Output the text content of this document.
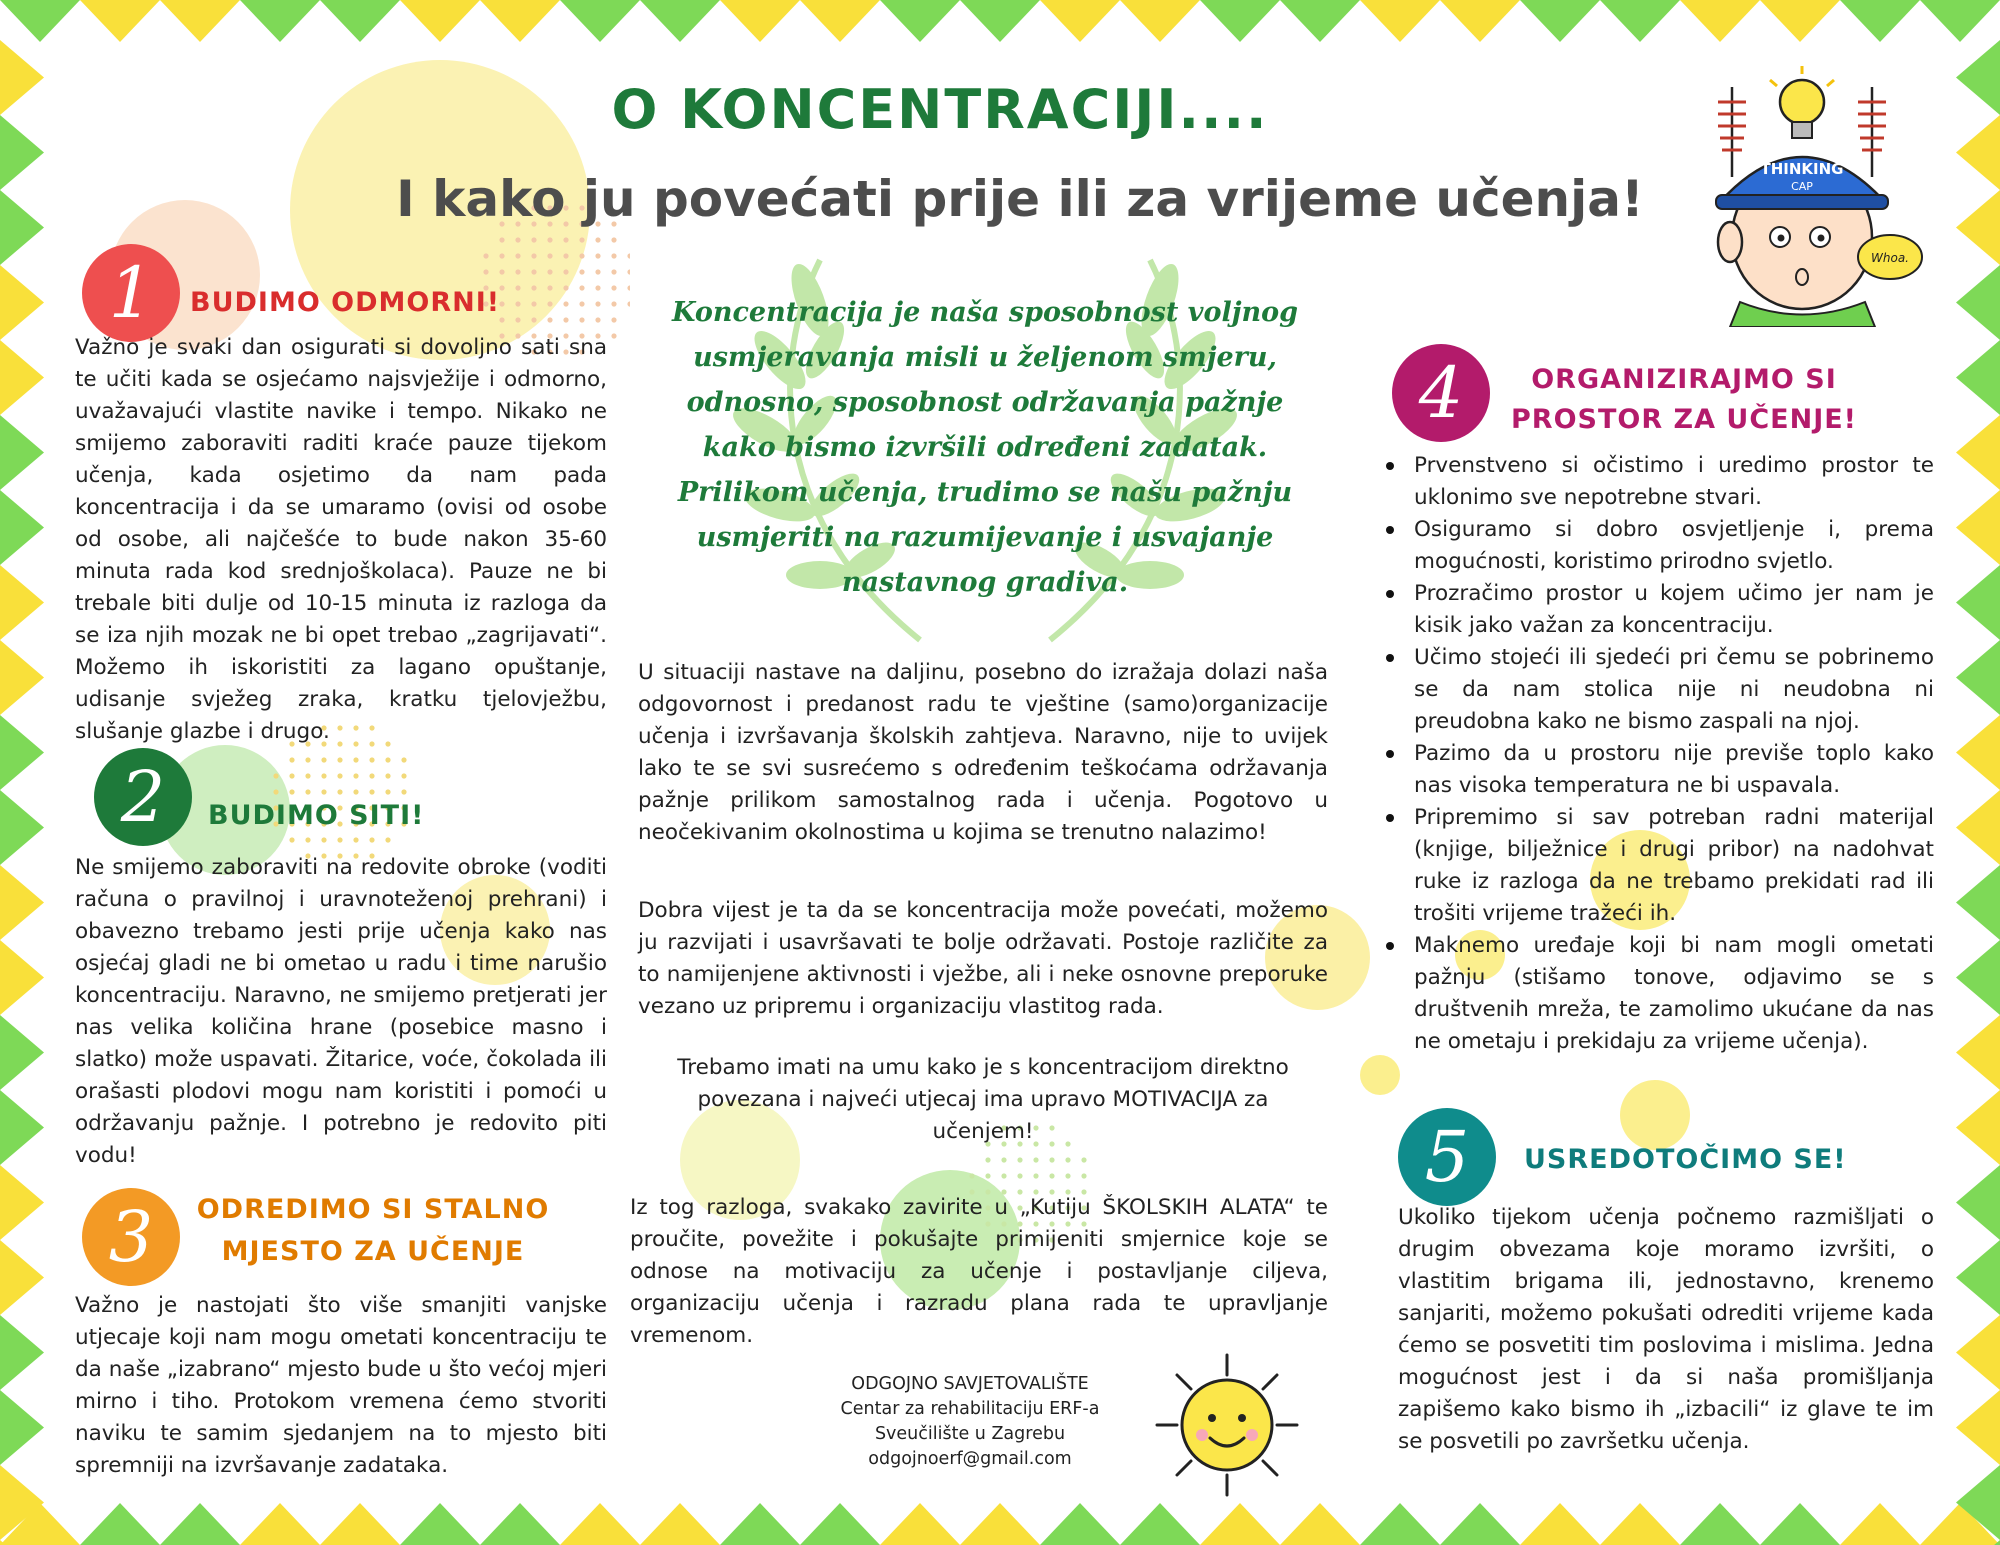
O KONCENTRACIJI....
I kako ju povećati prije ili za vrijeme učenja!
THINKING
CAP
Whoa.
1	BUDIMO ODMORNI!
Važno je svaki dan osigurati si dovoljno sati sna te učiti kada se osjećamo najsvježije i odmorno, uvažavajući vlastite navike i tempo. Nikako ne smijemo zaboraviti raditi kraće pauze tijekom učenja, kada osjetimo da nam pada koncentracija i da se umaramo (ovisi od osobe od osobe, ali najčešće to bude nakon 35-60 minuta rada kod srednjoškolaca). Pauze ne bi trebale biti dulje od 10-15 minuta iz razloga da se iza njih mozak ne bi opet trebao „zagrijavati“. Možemo ih iskoristiti za lagano opuštanje, udisanje svježeg zraka, kratku tjelovježbu, slušanje glazbe i drugo.
2	BUDIMO SITI!
Ne smijemo zaboraviti na redovite obroke (voditi računa o pravilnoj i uravnoteženoj prehrani) i obavezno trebamo jesti prije učenja kako nas osjećaj gladi ne bi ometao u radu i time narušio koncentraciju. Naravno, ne smijemo pretjerati jer nas velika količina hrane (posebice masno i slatko) može uspavati. Žitarice, voće, čokolada ili orašasti plodovi mogu nam koristiti i pomoći u održavanju pažnje. I potrebno je redovito piti vodu!
3	ODREDIMO SI STALNO
MJESTO ZA UČENJE
Važno je nastojati što više smanjiti vanjske utjecaje koji nam mogu ometati koncentraciju te da naše „izabrano“ mjesto bude u što većoj mjeri mirno i tiho. Protokom vremena ćemo stvoriti naviku te samim sjedanjem na to mjesto biti spremniji na izvršavanje zadataka.
Koncentracija je naša sposobnost voljnog usmjeravanja misli u željenom smjeru, odnosno, sposobnost održavanja pažnje kako bismo izvršili određeni zadatak. Prilikom učenja, trudimo se našu pažnju usmjeriti na razumijevanje i usvajanje nastavnog gradiva.
U situaciji nastave na daljinu, posebno do izražaja dolazi naša odgovornost i predanost radu te vještine (samo)organizacije učenja i izvršavanja školskih zahtjeva. Naravno, nije to uvijek lako te se svi susrećemo s određenim teškoćama održavanja pažnje prilikom samostalnog rada i učenja. Pogotovo u neočekivanim okolnostima u kojima se trenutno nalazimo!
Dobra vijest je ta da se koncentracija može povećati, možemo ju razvijati i usavršavati te bolje održavati. Postoje različite za to namijenjene aktivnosti i vježbe, ali i neke osnovne preporuke vezano uz pripremu i organizaciju vlastitog rada.
Trebamo imati na umu kako je s koncentracijom direktno povezana i najveći utjecaj ima upravo MOTIVACIJA za učenjem!
Iz tog razloga, svakako zavirite u „Kutiju ŠKOLSKIH ALATA“ te proučite, povežite i pokušajte primijeniti smjernice koje se odnose na motivaciju za učenje i postavljanje ciljeva, organizaciju učenja i razradu plana rada te upravljanje vremenom.
ODGOJNO SAVJETOVALIŠTE
Centar za rehabilitaciju ERF-a
Sveučilište u Zagrebu
odgojnoerf@gmail.com
4	ORGANIZIRAJMO SI
PROSTOR ZA UČENJE!
Prvenstveno si očistimo i uredimo prostor te uklonimo sve nepotrebne stvari.
Osiguramo si dobro osvjetljenje i, prema mogućnosti, koristimo prirodno svjetlo.
Prozračimo prostor u kojem učimo jer nam je kisik jako važan za koncentraciju.
Učimo stojeći ili sjedeći pri čemu se pobrinemo se da nam stolica nije ni neudobna ni preudobna kako ne bismo zaspali na njoj.
Pazimo da u prostoru nije previše toplo kako nas visoka temperatura ne bi uspavala.
Pripremimo si sav potreban radni materijal (knjige, bilježnice i drugi pribor) na nadohvat ruke iz razloga da ne trebamo prekidati rad ili trošiti vrijeme tražeći ih.
Maknemo uređaje koji bi nam mogli ometati pažnju (stišamo tonove, odjavimo se s društvenih mreža, te zamolimo ukućane da nas ne ometaju i prekidaju za vrijeme učenja).
5	USREDOTOČIMO SE!
Ukoliko tijekom učenja počnemo razmišljati o drugim obvezama koje moramo izvršiti, o vlastitim brigama ili, jednostavno, krenemo sanjariti, možemo pokušati odrediti vrijeme kada ćemo se posvetiti tim poslovima i mislima. Jedna mogućnost jest i da si naša promišljanja zapišemo kako bismo ih „izbacili“ iz glave te im se posvetili po završetku učenja.
